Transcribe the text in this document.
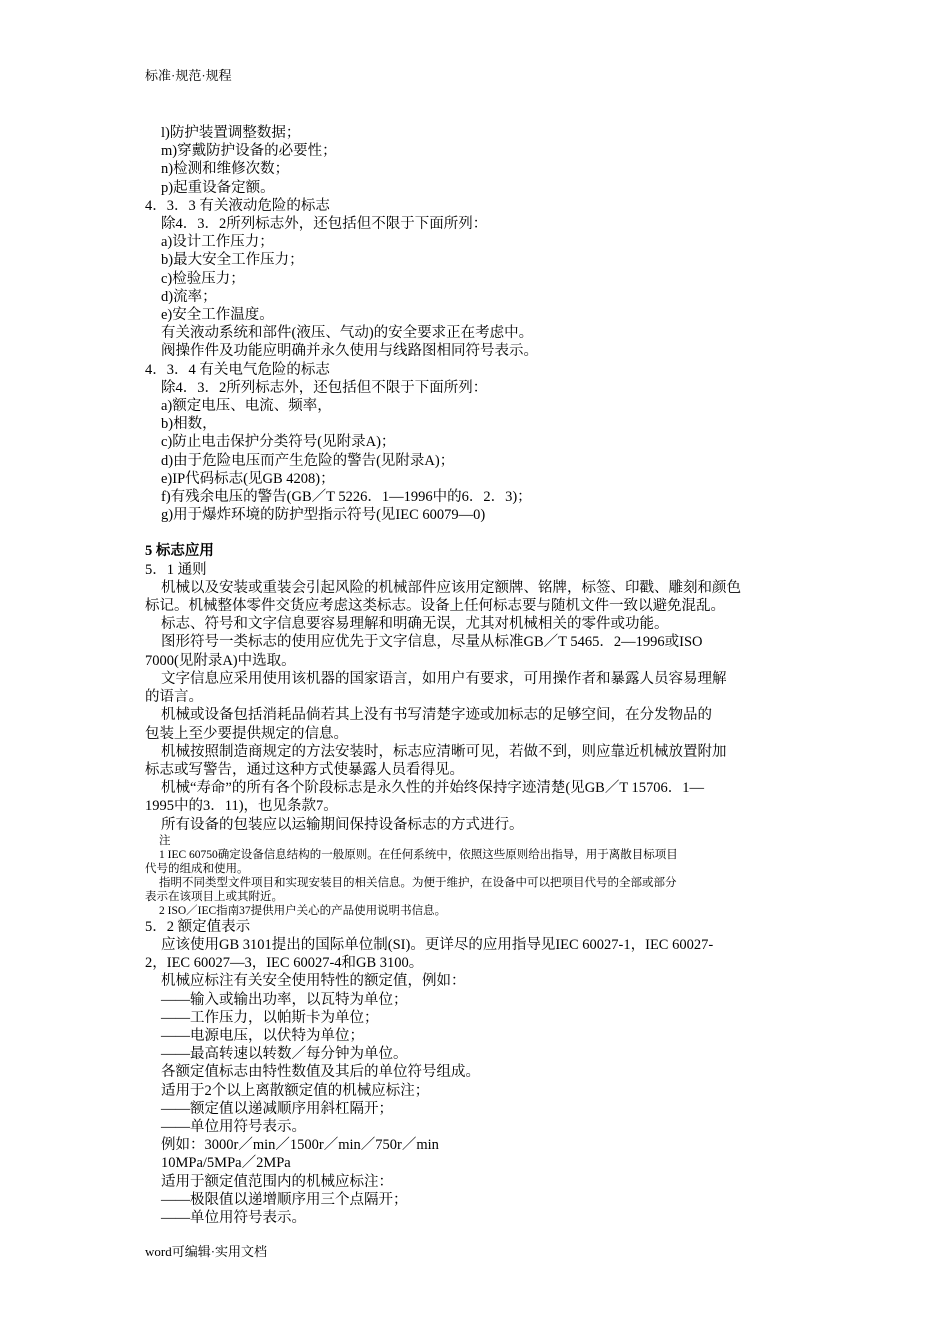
标准·规范·规程
l)防护装置调整数据；
m)穿戴防护设备的必要性；
n)检测和维修次数；
p)起重设备定额。
4．3．3 有关液动危险的标志
除4．3．2所列标志外，还包括但不限于下面所列：
a)设计工作压力；
b)最大安全工作压力；
c)检验压力；
d)流率；
e)安全工作温度。
有关液动系统和部件(液压、气动)的安全要求正在考虑中。
阀操作件及功能应明确并永久使用与线路图相同符号表示。
4．3．4 有关电气危险的标志
除4．3．2所列标志外，还包括但不限于下面所列：
a)额定电压、电流、频率，
b)相数，
c)防止电击保护分类符号(见附录A)；
d)由于危险电压而产生危险的警告(见附录A)；
e)IP代码标志(见GB 4208)；
f)有残余电压的警告(GB／T 5226．1—1996中的6．2．3)；
g)用于爆炸环境的防护型指示符号(见IEC 60079—0)
5 标志应用
5．1 通则
机械以及安装或重装会引起风险的机械部件应该用定额牌、铭牌，标签、印戳、雕刻和颜色
标记。机械整体零件交货应考虑这类标志。设备上任何标志要与随机文件一致以避免混乱。
标志、符号和文字信息要容易理解和明确无误，尤其对机械相关的零件或功能。
图形符号一类标志的使用应优先于文字信息，尽量从标准GB／T 5465．2—1996或ISO
7000(见附录A)中选取。
文字信息应采用使用该机器的国家语言，如用户有要求，可用操作者和暴露人员容易理解
的语言。
机械或设备包括消耗品倘若其上没有书写清楚字迹或加标志的足够空间，在分发物品的
包装上至少要提供规定的信息。
机械按照制造商规定的方法安装时，标志应清晰可见，若做不到，则应靠近机械放置附加
标志或写警告，通过这种方式使暴露人员看得见。
机械“寿命”的所有各个阶段标志是永久性的并始终保持字迹清楚(见GB／T 15706．1—
1995中的3．11)，也见条款7。
所有设备的包装应以运输期间保持设备标志的方式进行。
注
1 IEC 60750确定设备信息结构的一般原则。在任何系统中，依照这些原则给出指导，用于离散目标项目
代号的组成和使用。
指明不同类型文件项目和实现安装目的相关信息。为便于维护，在设备中可以把项目代号的全部或部分
表示在该项目上或其附近。
2 ISO／IEC指南37提供用户关心的产品使用说明书信息。
5．2 额定值表示
应该使用GB 3101提出的国际单位制(SI)。更详尽的应用指导见IEC 60027-1，IEC 60027-
2，IEC 60027—3，IEC 60027-4和GB 3100。
机械应标注有关安全使用特性的额定值，例如：
——输入或输出功率，以瓦特为单位；
——工作压力，以帕斯卡为单位；
——电源电压，以伏特为单位；
——最高转速以转数／每分钟为单位。
各额定值标志由特性数值及其后的单位符号组成。
适用于2个以上离散额定值的机械应标注；
——额定值以递减顺序用斜杠隔开；
——单位用符号表示。
例如：3000r／min／1500r／min／750r／min
10MPa/5MPa／2MPa
适用于额定值范围内的机械应标注：
——极限值以递增顺序用三个点隔开；
——单位用符号表示。
word可编辑·实用文档
